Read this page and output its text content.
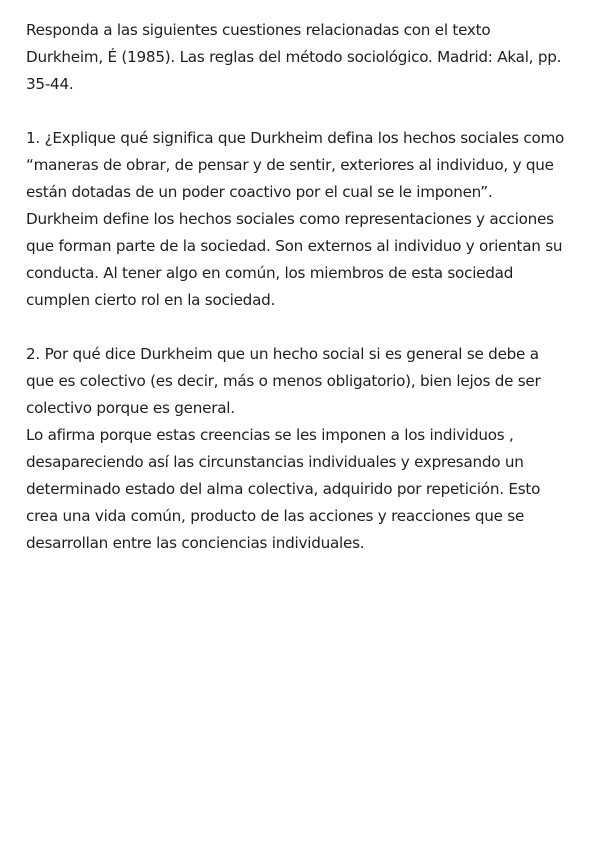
Responda a las siguientes cuestiones relacionadas con el texto Durkheim, É (1985). Las reglas del método sociológico. Madrid: Akal, pp. 35-44.

1. ¿Explique qué significa que Durkheim defina los hechos sociales como “maneras de obrar, de pensar y de sentir, exteriores al individuo, y que están dotadas de un poder coactivo por el cual se le imponen”.

Durkheim define los hechos sociales como representaciones y acciones que forman parte de la sociedad. Son externos al individuo y orientan su conducta. Al tener algo en común, los miembros de esta sociedad cumplen cierto rol en la sociedad.

2. Por qué dice Durkheim que un hecho social si es general se debe a que es colectivo (es decir, más o menos obligatorio), bien lejos de ser colectivo porque es general.

Lo afirma porque estas creencias se les imponen a los individuos , desapareciendo así las circunstancias individuales y expresando un determinado estado del alma colectiva, adquirido por repetición. Esto crea una vida común, producto de las acciones y reacciones que se desarrollan entre las conciencias individuales.
